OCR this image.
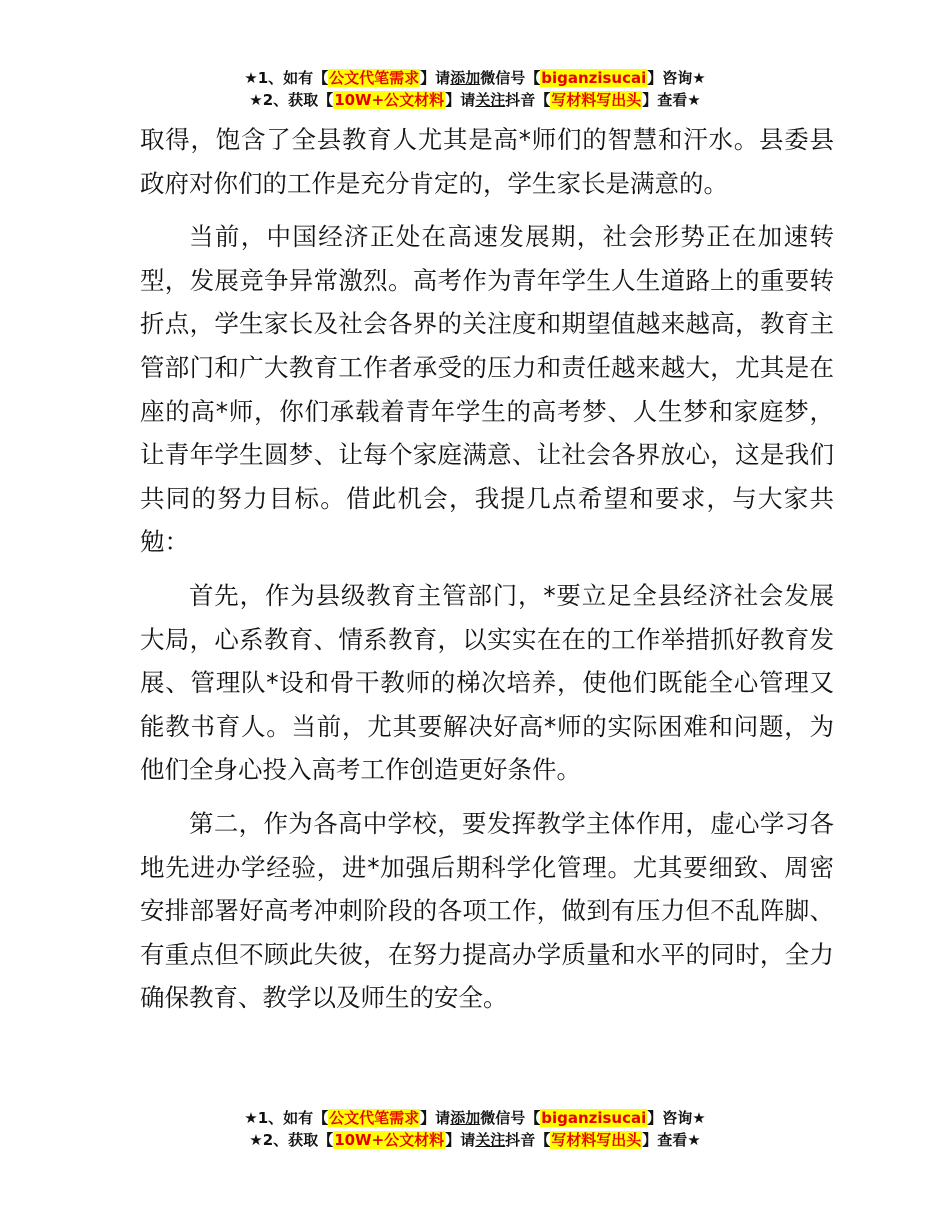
★1、如有【公文代笔需求】请添加微信号【biganzisucai】咨询★
★2、获取【10W+公文材料】请关注抖音【写材料写出头】查看★

取得，饱含了全县教育人尤其是高*师们的智慧和汗水。县委县政府对你们的工作是充分肯定的，学生家长是满意的。

当前，中国经济正处在高速发展期，社会形势正在加速转型，发展竞争异常激烈。高考作为青年学生人生道路上的重要转折点，学生家长及社会各界的关注度和期望值越来越高，教育主管部门和广大教育工作者承受的压力和责任越来越大，尤其是在座的高*师，你们承载着青年学生的高考梦、人生梦和家庭梦，让青年学生圆梦、让每个家庭满意、让社会各界放心，这是我们共同的努力目标。借此机会，我提几点希望和要求，与大家共勉：

首先，作为县级教育主管部门，*要立足全县经济社会发展大局，心系教育、情系教育，以实实在在的工作举措抓好教育发展、管理队*设和骨干教师的梯次培养，使他们既能全心管理又能教书育人。当前，尤其要解决好高*师的实际困难和问题，为他们全身心投入高考工作创造更好条件。

第二，作为各高中学校，要发挥教学主体作用，虚心学习各地先进办学经验，进*加强后期科学化管理。尤其要细致、周密安排部署好高考冲刺阶段的各项工作，做到有压力但不乱阵脚、有重点但不顾此失彼，在努力提高办学质量和水平的同时，全力确保教育、教学以及师生的安全。

★1、如有【公文代笔需求】请添加微信号【biganzisucai】咨询★
★2、获取【10W+公文材料】请关注抖音【写材料写出头】查看★
